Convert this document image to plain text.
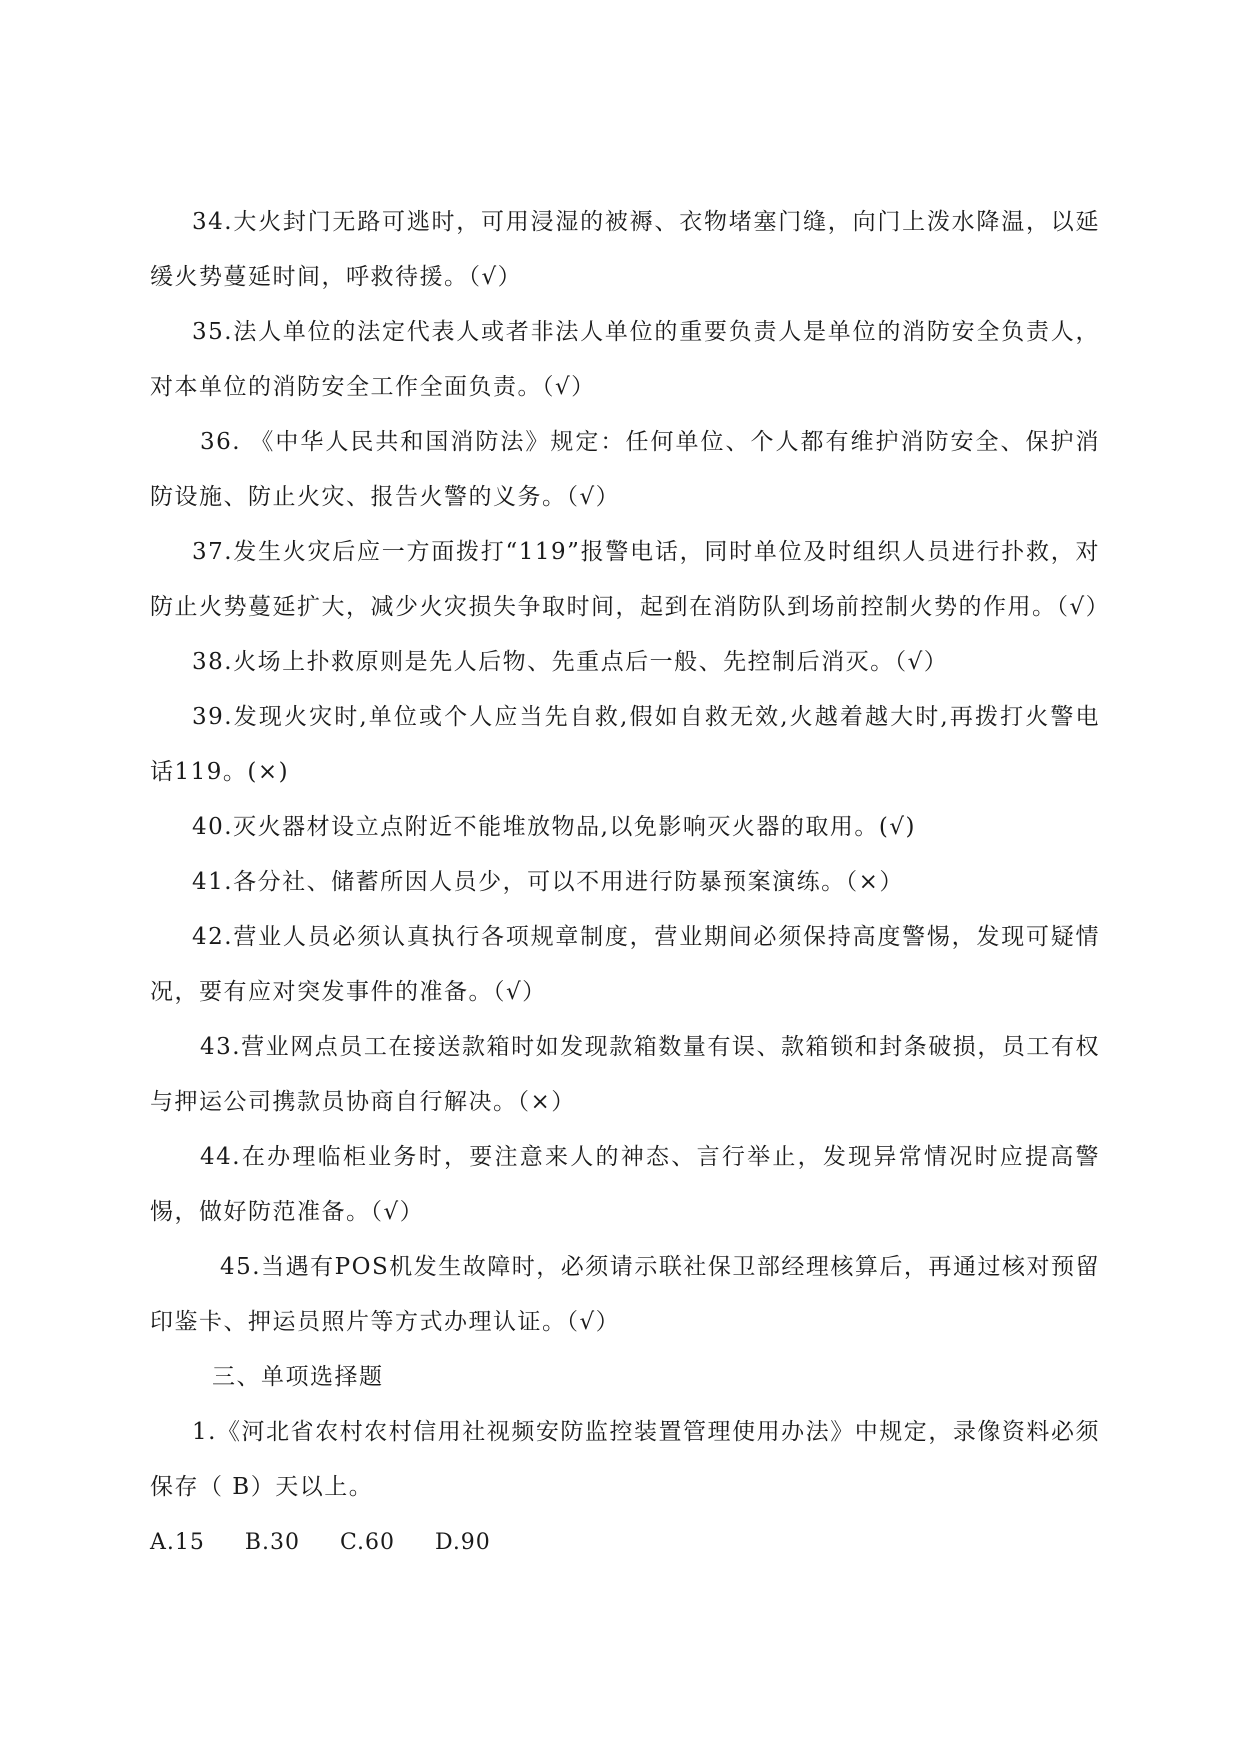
34.大火封门无路可逃时，可用浸湿的被褥、衣物堵塞门缝，向门上泼水降温，以延缓火势蔓延时间，呼救待援。（√）

35.法人单位的法定代表人或者非法人单位的重要负责人是单位的消防安全负责人，对本单位的消防安全工作全面负责。（√）

36. 《中华人民共和国消防法》规定：任何单位、个人都有维护消防安全、保护消防设施、防止火灾、报告火警的义务。（√）

37.发生火灾后应一方面拨打“119”报警电话，同时单位及时组织人员进行扑救，对防止火势蔓延扩大，减少火灾损失争取时间，起到在消防队到场前控制火势的作用。（√）

38.火场上扑救原则是先人后物、先重点后一般、先控制后消灭。（√）

39.发现火灾时,单位或个人应当先自救,假如自救无效,火越着越大时,再拨打火警电话119。(×)

40.灭火器材设立点附近不能堆放物品,以免影响灭火器的取用。(√)

41.各分社、储蓄所因人员少，可以不用进行防暴预案演练。（×）

42.营业人员必须认真执行各项规章制度，营业期间必须保持高度警惕，发现可疑情况，要有应对突发事件的准备。（√）

43.营业网点员工在接送款箱时如发现款箱数量有误、款箱锁和封条破损，员工有权与押运公司携款员协商自行解决。（×）

44.在办理临柜业务时，要注意来人的神态、言行举止，发现异常情况时应提高警惕，做好防范准备。（√）

45.当遇有POS机发生故障时，必须请示联社保卫部经理核算后，再通过核对预留印鉴卡、押运员照片等方式办理认证。（√）

三、单项选择题

1.《河北省农村农村信用社视频安防监控装置管理使用办法》中规定，录像资料必须保存（ B）天以上。

A.15     B.30     C.60     D.90
